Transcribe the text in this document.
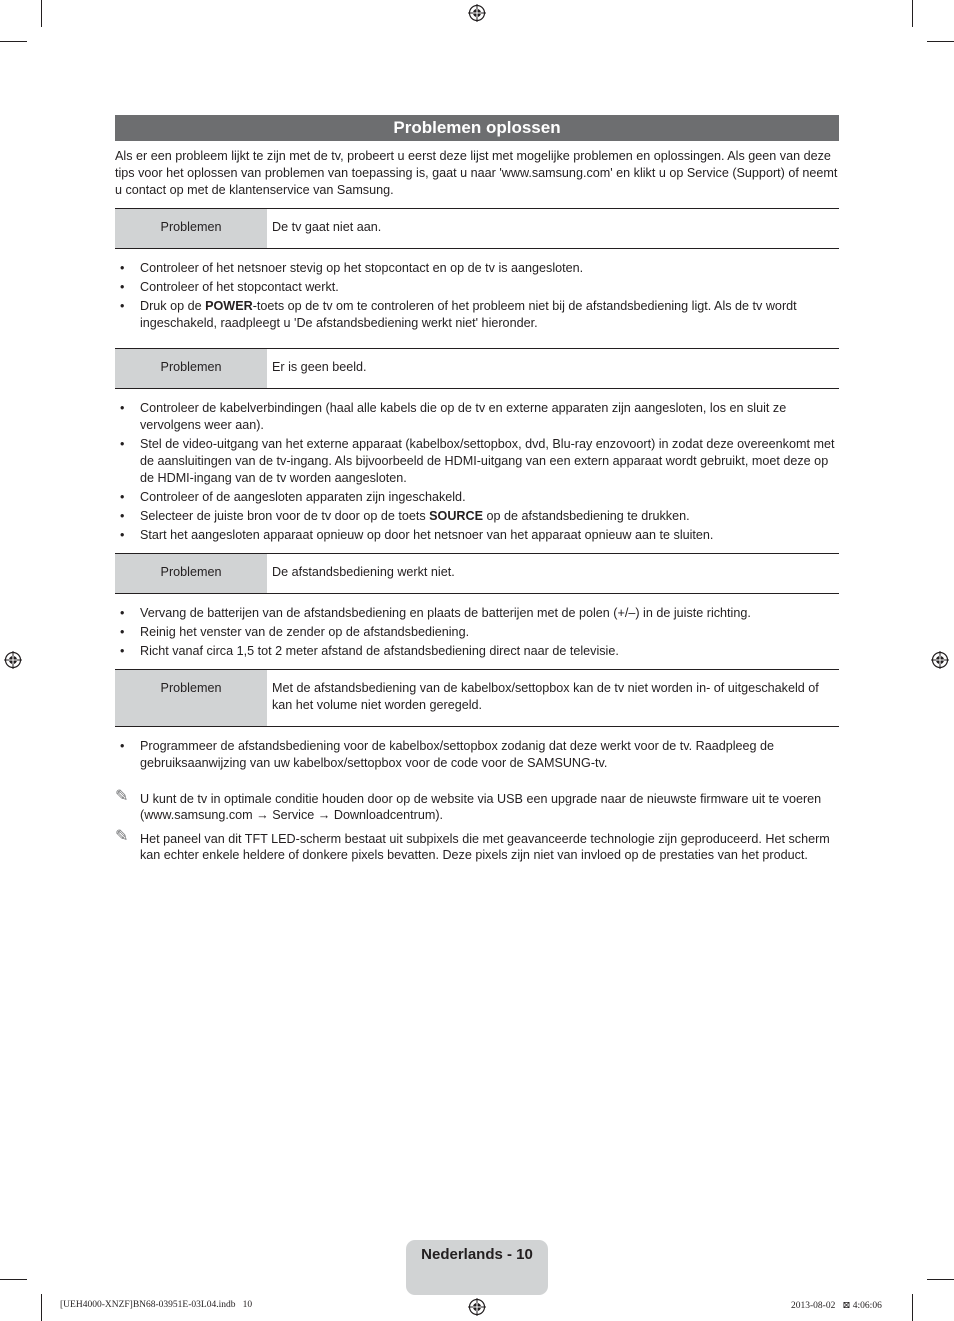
Problemen oplossen

Als er een probleem lijkt te zijn met de tv, probeert u eerst deze lijst met mogelijke problemen en oplossingen. Als geen van deze tips voor het oplossen van problemen van toepassing is, gaat u naar 'www.samsung.com' en klikt u op Service (Support) of neemt u contact op met de klantenservice van Samsung.

Problemen	De tv gaat niet aan.
• Controleer of het netsnoer stevig op het stopcontact en op de tv is aangesloten.
• Controleer of het stopcontact werkt.
• Druk op de POWER-toets op de tv om te controleren of het probleem niet bij de afstandsbediening ligt. Als de tv wordt ingeschakeld, raadpleegt u 'De afstandsbediening werkt niet' hieronder.
Problemen	Er is geen beeld.
• Controleer de kabelverbindingen (haal alle kabels die op de tv en externe apparaten zijn aangesloten, los en sluit ze vervolgens weer aan).
• Stel de video-uitgang van het externe apparaat (kabelbox/settopbox, dvd, Blu-ray enzovoort) in zodat deze overeenkomt met de aansluitingen van de tv-ingang. Als bijvoorbeeld de HDMI-uitgang van een extern apparaat wordt gebruikt, moet deze op de HDMI-ingang van de tv worden aangesloten.
• Controleer of de aangesloten apparaten zijn ingeschakeld.
• Selecteer de juiste bron voor de tv door op de toets SOURCE op de afstandsbediening te drukken.
• Start het aangesloten apparaat opnieuw op door het netsnoer van het apparaat opnieuw aan te sluiten.
Problemen	De afstandsbediening werkt niet.
• Vervang de batterijen van de afstandsbediening en plaats de batterijen met de polen (+/–) in de juiste richting.
• Reinig het venster van de zender op de afstandsbediening.
• Richt vanaf circa 1,5 tot 2 meter afstand de afstandsbediening direct naar de televisie.
Problemen	Met de afstandsbediening van de kabelbox/settopbox kan de tv niet worden in- of uitgeschakeld of kan het volume niet worden geregeld.
• Programmeer de afstandsbediening voor de kabelbox/settopbox zodanig dat deze werkt voor de tv. Raadpleeg de gebruiksaanwijzing van uw kabelbox/settopbox voor de code voor de SAMSUNG-tv.
✎ U kunt de tv in optimale conditie houden door op de website via USB een upgrade naar de nieuwste firmware uit te voeren (www.samsung.com → Service → Downloadcentrum).
✎ Het paneel van dit TFT LED-scherm bestaat uit subpixels die met geavanceerde technologie zijn geproduceerd. Het scherm kan echter enkele heldere of donkere pixels bevatten. Deze pixels zijn niet van invloed op de prestaties van het product.
Nederlands - 10
[UEH4000-XNZF]BN68-03951E-03L04.indb   10	2013-08-02   ⊠ 4:06:06
